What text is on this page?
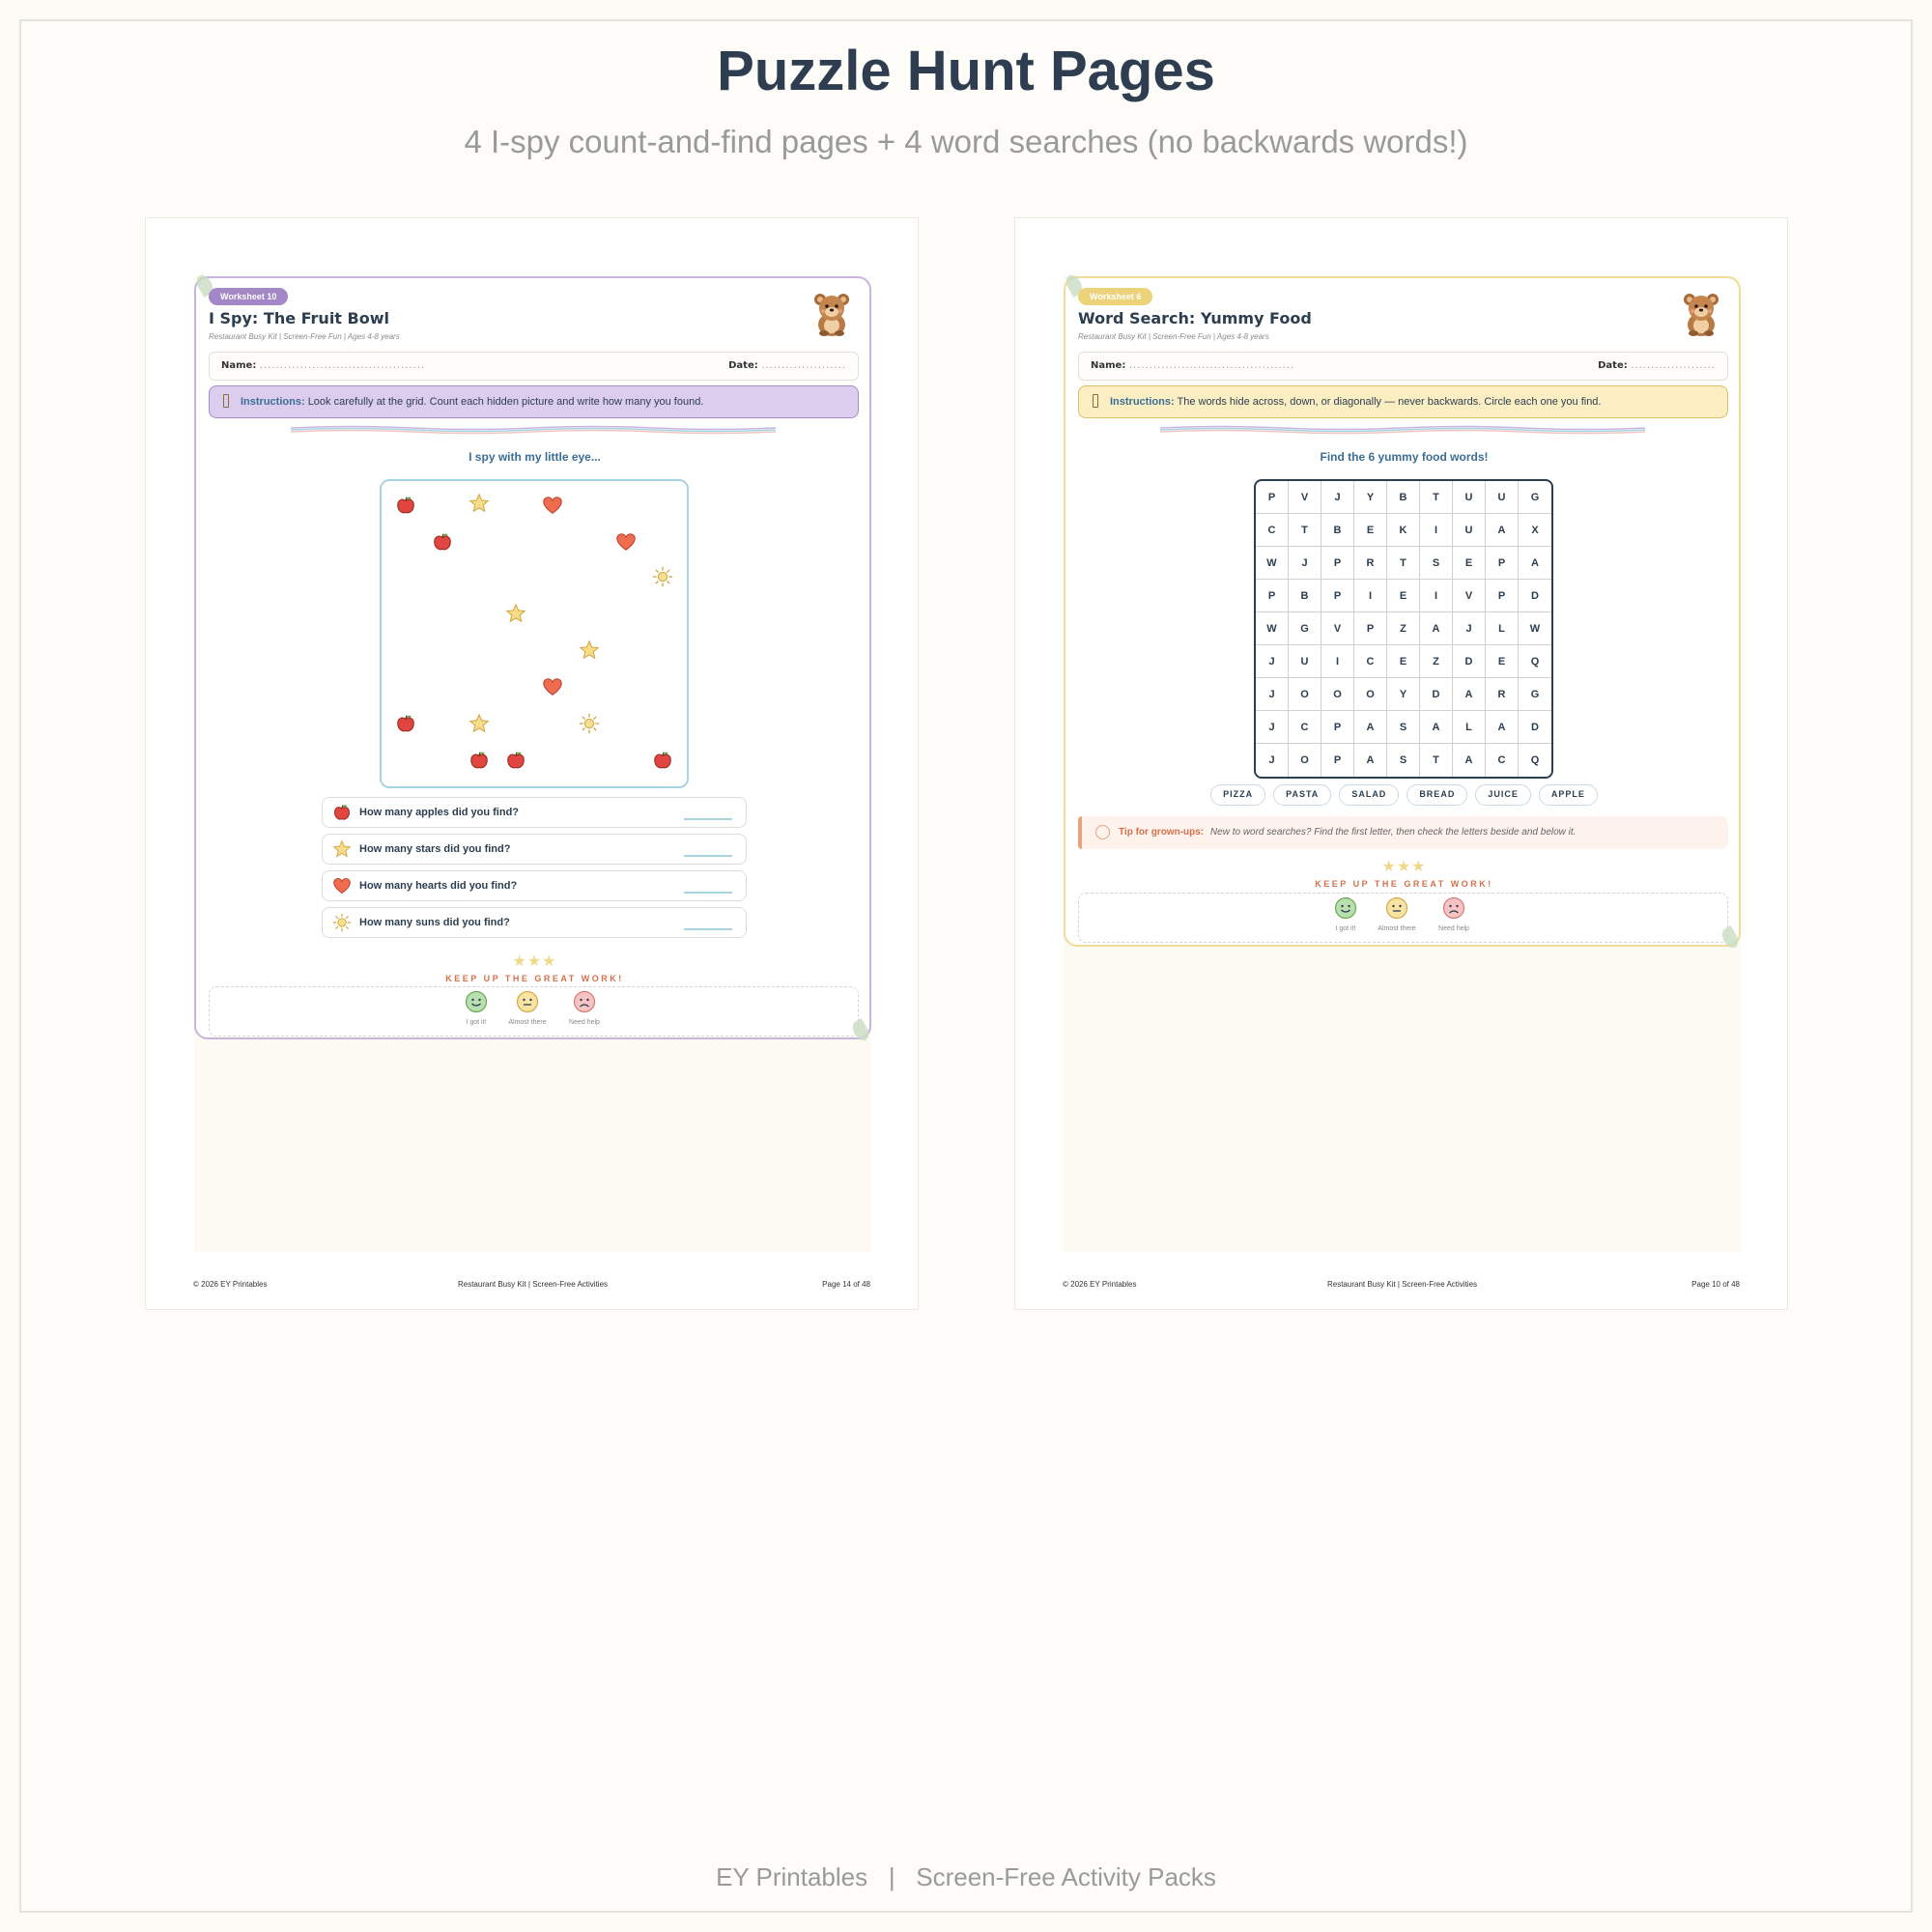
Puzzle Hunt Pages
4 I-spy count-and-find pages + 4 word searches (no backwards words!)
Worksheet 10
I Spy: The Fruit Bowl
Restaurant Busy Kit | Screen-Free Fun | Ages 4-8 years
Name: .........................................	Date: .....................
Instructions: Look carefully at the grid. Count each hidden picture and write how many you found.
I spy with my little eye...
How many apples did you find?
How many stars did you find?
How many hearts did you find?
How many suns did you find?
★★★
KEEP UP THE GREAT WORK!
I got it!	Almost there	Need help
© 2026 EY Printables	Restaurant Busy Kit | Screen-Free Activities	Page 14 of 48
Worksheet 6
Word Search: Yummy Food
Restaurant Busy Kit | Screen-Free Fun | Ages 4-8 years
Name: .........................................	Date: .....................
Instructions: The words hide across, down, or diagonally — never backwards. Circle each one you find.
Find the 6 yummy food words!
P	V	J	Y	B	T	U	U	G
C	T	B	E	K	I	U	A	X
W	J	P	R	T	S	E	P	A
P	B	P	I	E	I	V	P	D
W	G	V	P	Z	A	J	L	W
J	U	I	C	E	Z	D	E	Q
J	O	O	O	Y	D	A	R	G
J	C	P	A	S	A	L	A	D
J	O	P	A	S	T	A	C	Q
PIZZA	PASTA	SALAD	BREAD	JUICE	APPLE
Tip for grown-ups: New to word searches? Find the first letter, then check the letters beside and below it.
★★★
KEEP UP THE GREAT WORK!
I got it!	Almost there	Need help
© 2026 EY Printables	Restaurant Busy Kit | Screen-Free Activities	Page 10 of 48
EY Printables | Screen-Free Activity Packs
